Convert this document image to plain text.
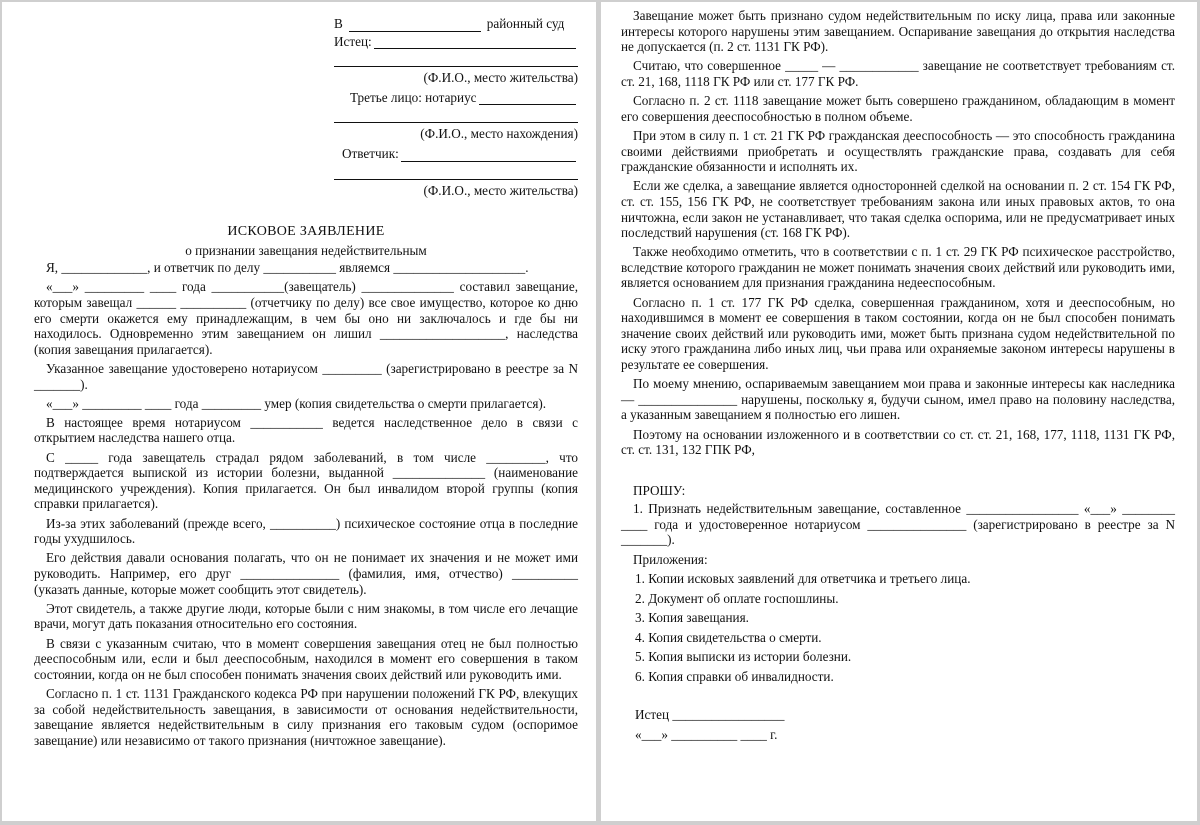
В	районный суд
Истец:
(Ф.И.О., место жительства)
Третье лицо: нотариус
(Ф.И.О., место нахождения)
Ответчик:
(Ф.И.О., место жительства)
ИСКОВОЕ ЗАЯВЛЕНИЕ
о признании завещания недействительным

Я, _____________, и ответчик по делу ___________ являемся ____________________.

«___» _________ ____ года ___________(завещатель) ______________ составил завещание, которым завещал ______ __________ (отчетчику по делу) все свое имущество, которое ко дню его смерти окажется ему принадлежащим, в чем бы оно ни заключалось и где бы ни находилось. Одновременно этим завещанием он лишил ___________________, наследства (копия завещания прилагается).

Указанное завещание удостоверено нотариусом _________ (зарегистрировано в реестре за N _______).

«___» _________ ____ года _________ умер (копия свидетельства о смерти прилагается).

В настоящее время нотариусом ___________ ведется наследственное дело в связи с открытием наследства нашего отца.

С _____ года завещатель страдал рядом заболеваний, в том числе _________, что подтверждается выпиской из истории болезни, выданной ______________ (наименование медицинского учреждения). Копия прилагается. Он был инвалидом второй группы (копия справки прилагается).

Из-за этих заболеваний (прежде всего, __________) психическое состояние отца в последние годы ухудшилось.

Его действия давали основания полагать, что он не понимает их значения и не может ими руководить. Например, его друг _______________ (фамилия, имя, отчество) __________ (указать данные, которые может сообщить этот свидетель).

Этот свидетель, а также другие люди, которые были с ним знакомы, в том числе его лечащие врачи, могут дать показания относительно его состояния.

В связи с указанным считаю, что в момент совершения завещания отец не был полностью дееспособным или, если и был дееспособным, находился в момент его совершения в таком состоянии, когда он не был способен понимать значения своих действий или руководить ими.

Согласно п. 1 ст. 1131 Гражданского кодекса РФ при нарушении положений ГК РФ, влекущих за собой недействительность завещания, в зависимости от основания недействительности, завещание является недействительным в силу признания его таковым судом (оспоримое завещание) или независимо от такого признания (ничтожное завещание).

Завещание может быть признано судом недействительным по иску лица, права или законные интересы которого нарушены этим завещанием. Оспаривание завещания до открытия наследства не допускается (п. 2 ст. 1131 ГК РФ).

Считаю, что совершенное _____ — ____________ завещание не соответствует требованиям ст. ст. 21, 168, 1118 ГК РФ или ст. 177 ГК РФ.

Согласно п. 2 ст. 1118 завещание может быть совершено гражданином, обладающим в момент его совершения дееспособностью в полном объеме.

При этом в силу п. 1 ст. 21 ГК РФ гражданская дееспособность — это способность гражданина своими действиями приобретать и осуществлять гражданские права, создавать для себя гражданские обязанности и исполнять их.

Если же сделка, а завещание является односторонней сделкой на основании п. 2 ст. 154 ГК РФ, ст. ст. 155, 156 ГК РФ, не соответствует требованиям закона или иных правовых актов, то она ничтожна, если закон не устанавливает, что такая сделка оспорима, или не предусматривает иных последствий нарушения (ст. 168 ГК РФ).

Также необходимо отметить, что в соответствии с п. 1 ст. 29 ГК РФ психическое расстройство, вследствие которого гражданин не может понимать значения своих действий или руководить ими, является основанием для признания гражданина недееспособным.

Согласно п. 1 ст. 177 ГК РФ сделка, совершенная гражданином, хотя и дееспособным, но находившимся в момент ее совершения в таком состоянии, когда он не был способен понимать значение своих действий или руководить ими, может быть признана судом недействительной по иску этого гражданина либо иных лиц, чьи права или охраняемые законом интересы нарушены в результате ее совершения.

По моему мнению, оспариваемым завещанием мои права и законные интересы как наследника— _______________ нарушены, поскольку я, будучи сыном, имел право на половину наследства, а указанным завещанием я полностью его лишен.

Поэтому на основании изложенного и в соответствии со ст. ст. 21, 168, 177, 1118, 1131 ГК РФ, ст. ст. 131, 132 ГПК РФ,

ПРОШУ:

1. Признать недействительным завещание, составленное _________________ «___» ________ ____ года и удостоверенное нотариусом _______________ (зарегистрировано в реестре за N _______).

Приложения:

1. Копии исковых заявлений для ответчика и третьего лица.
2. Документ об оплате госпошлины.
3. Копия завещания.
4. Копия свидетельства о смерти.
5. Копия выписки из истории болезни.
6. Копия справки об инвалидности.
Истец _________________
«___» __________ ____ г.
